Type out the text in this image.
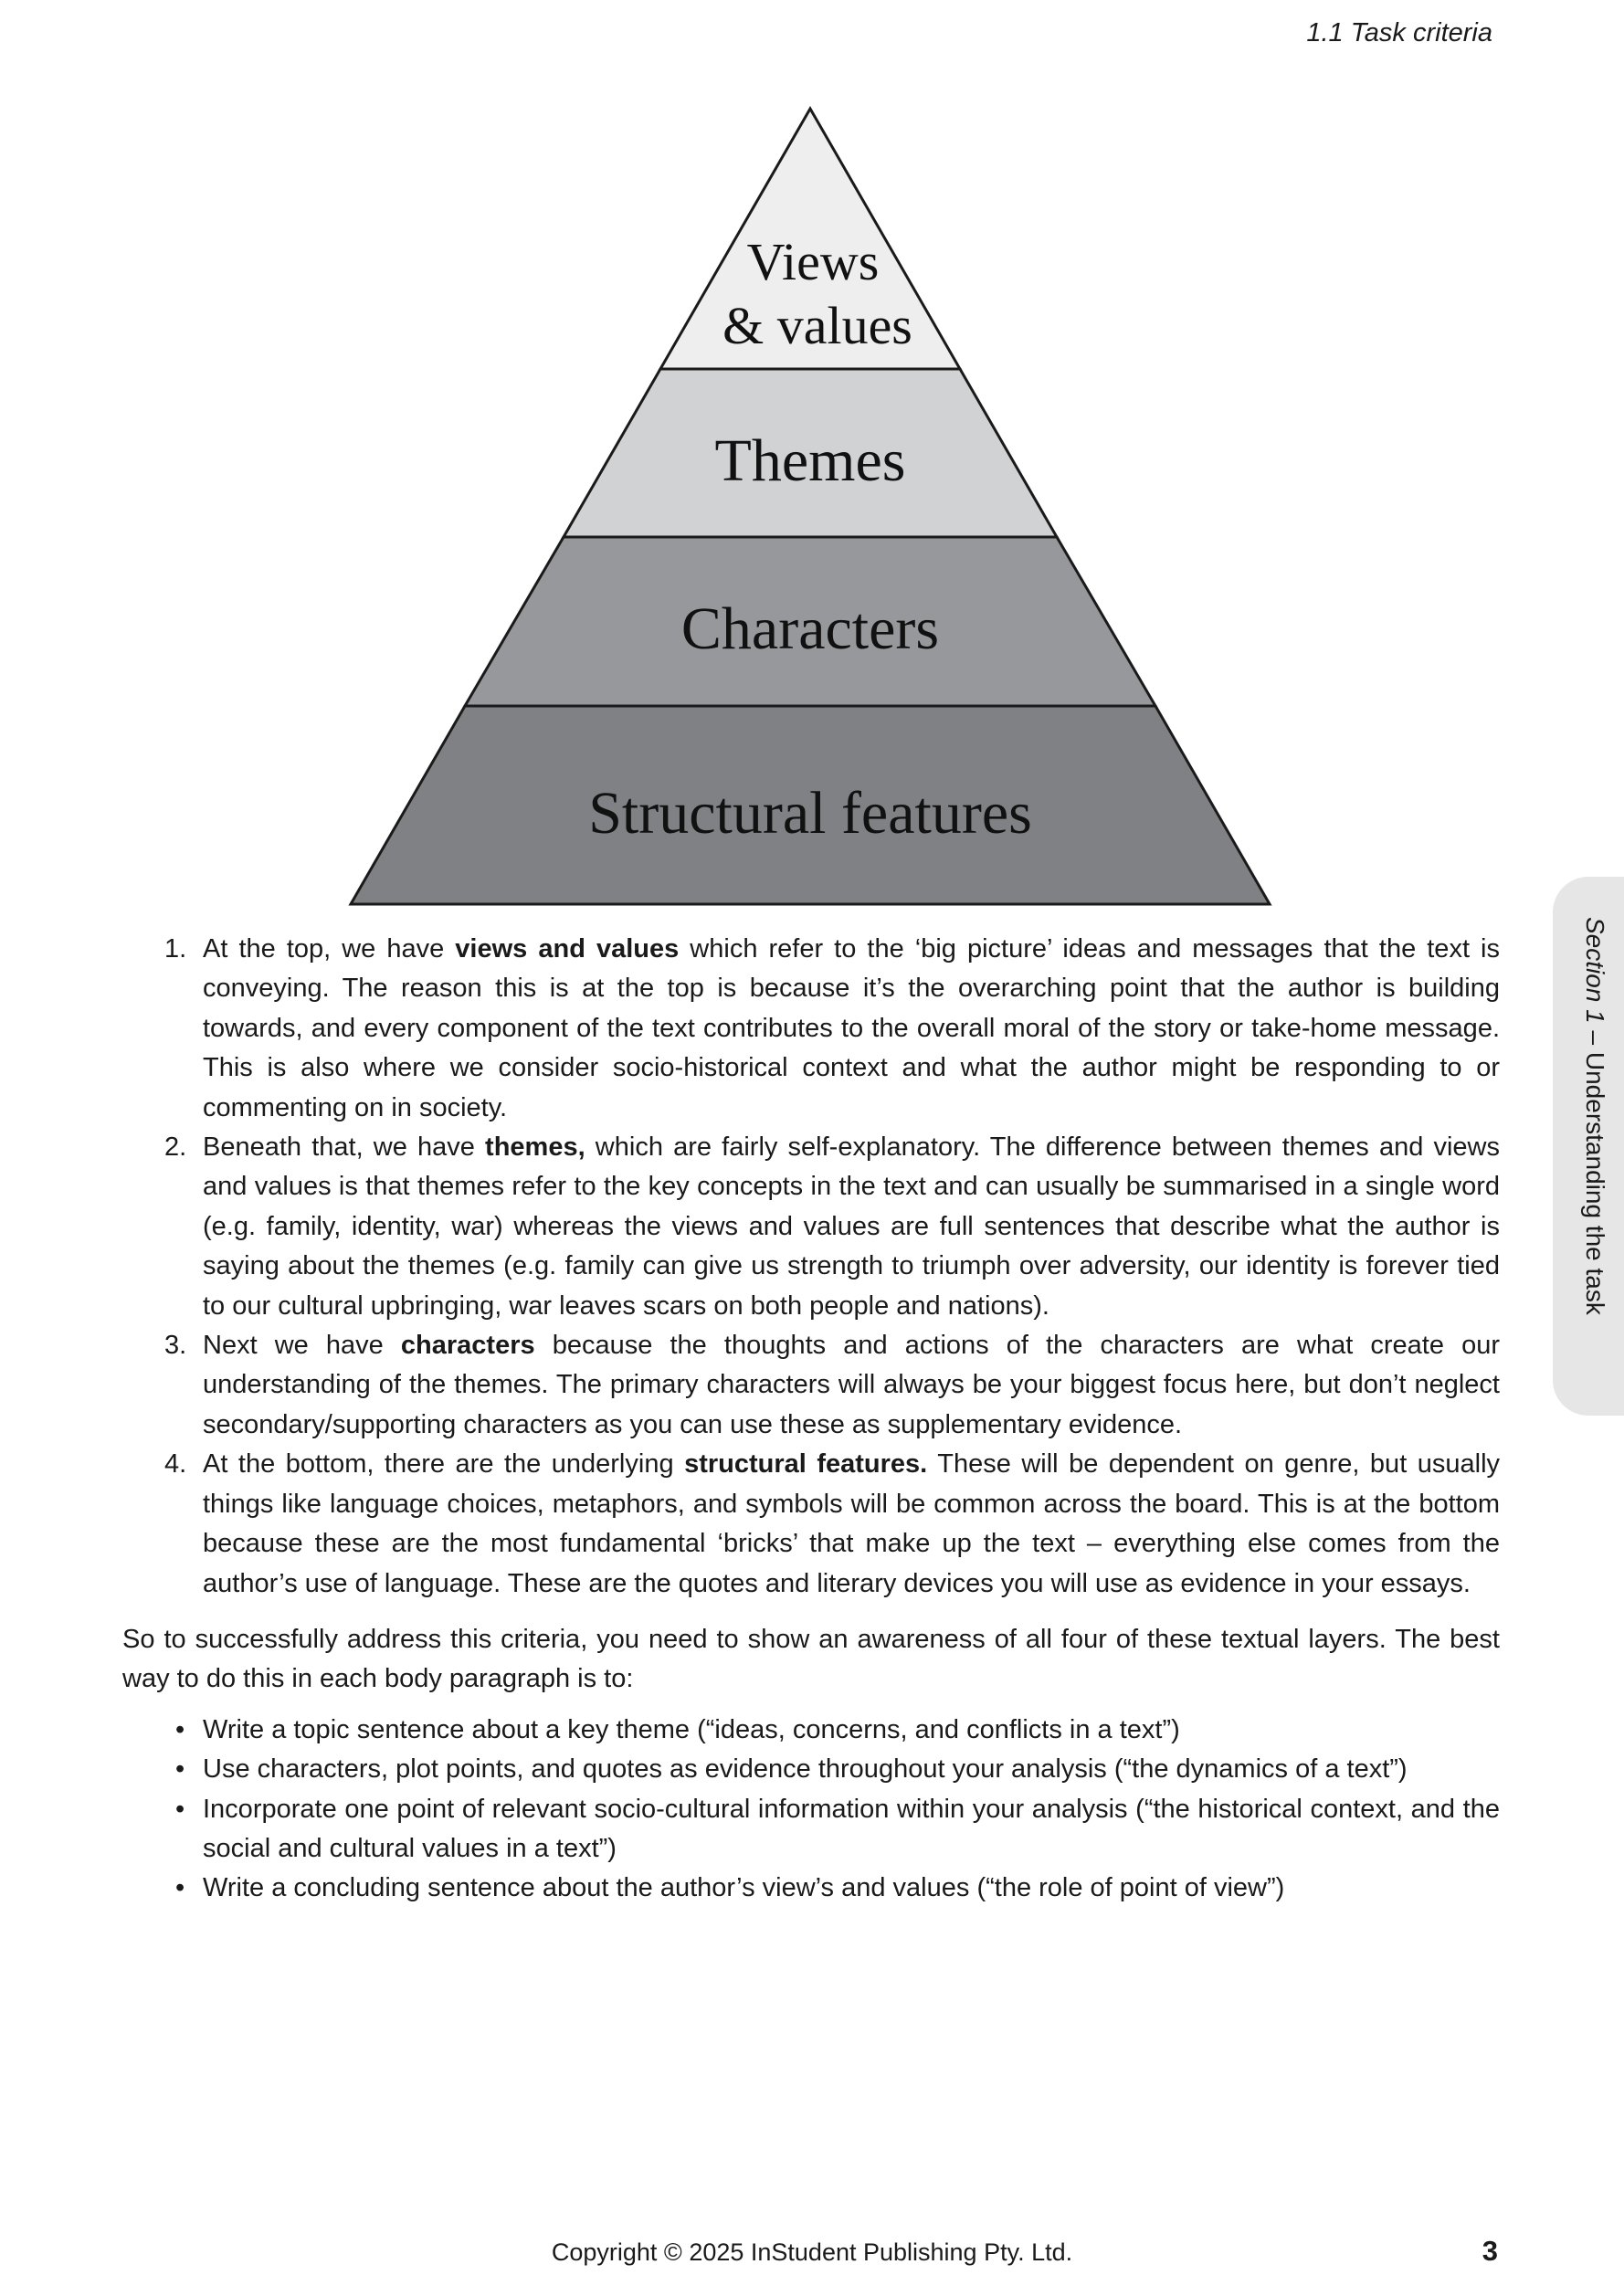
1.1 Task criteria
Views
& values
Themes
Characters
Structural features
Section 1 – Understanding the task
1. At the top, we have views and values which refer to the ‘big picture’ ideas and messages that the text is conveying. The reason this is at the top is because it’s the overarching point that the author is building towards, and every component of the text contributes to the overall moral of the story or take-home message. This is also where we consider socio-historical context and what the author might be responding to or commenting on in society.
2. Beneath that, we have themes, which are fairly self-explanatory. The difference between themes and views and values is that themes refer to the key concepts in the text and can usually be summarised in a single word (e.g. family, identity, war) whereas the views and values are full sentences that describe what the author is saying about the themes (e.g. family can give us strength to triumph over adversity, our identity is forever tied to our cultural upbringing, war leaves scars on both people and nations).
3. Next we have characters because the thoughts and actions of the characters are what create our understanding of the themes. The primary characters will always be your biggest focus here, but don’t neglect secondary/supporting characters as you can use these as supplementary evidence.
4. At the bottom, there are the underlying structural features. These will be dependent on genre, but usually things like language choices, metaphors, and symbols will be common across the board. This is at the bottom because these are the most fundamental ‘bricks’ that make up the text – everything else comes from the author’s use of language. These are the quotes and literary devices you will use as evidence in your essays.

So to successfully address this criteria, you need to show an awareness of all four of these textual layers. The best way to do this in each body paragraph is to:

• Write a topic sentence about a key theme (“ideas, concerns, and conflicts in a text”)
• Use characters, plot points, and quotes as evidence throughout your analysis (“the dynamics of a text”)
• Incorporate one point of relevant socio-cultural information within your analysis (“the historical context, and the social and cultural values in a text”)
• Write a concluding sentence about the author’s view’s and values (“the role of point of view”)
Copyright © 2025 InStudent Publishing Pty. Ltd.	3
